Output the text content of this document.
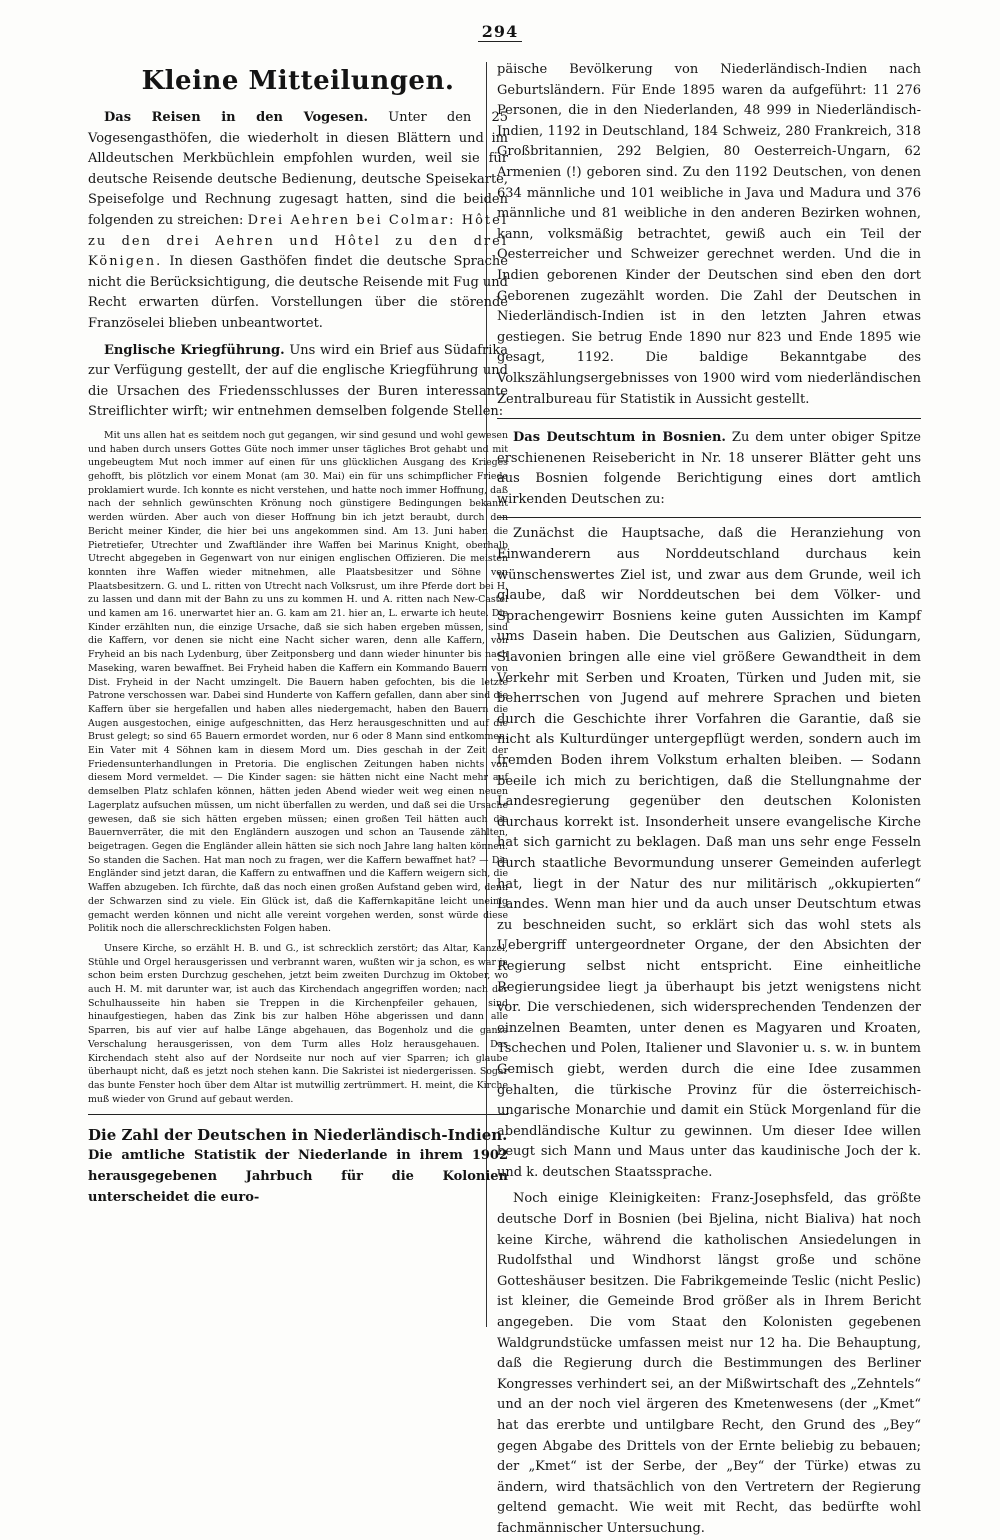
294
Kleine Mitteilungen.

Das Reisen in den Vogesen. Unter den 25 Vogesengasthöfen, die wiederholt in diesen Blättern und im Alldeutschen Merkbüchlein empfohlen wurden, weil sie für deutsche Reisende deutsche Bedienung, deutsche Speisekarte, Speisefolge und Rechnung zugesagt hatten, sind die beiden folgenden zu streichen: Drei Aehren bei Colmar: Hôtel zu den drei Aehren und Hôtel zu den drei Königen. In diesen Gasthöfen findet die deutsche Sprache nicht die Berücksichtigung, die deutsche Reisende mit Fug und Recht erwarten dürfen. Vorstellungen über die störende Französelei blieben unbeantwortet.

Englische Kriegführung. Uns wird ein Brief aus Südafrika zur Verfügung gestellt, der auf die englische Kriegführung und die Ursachen des Friedensschlusses der Buren interessante Streiflichter wirft; wir entnehmen demselben folgende Stellen:

Mit uns allen hat es seitdem noch gut gegangen, wir sind gesund und wohl gewesen und haben durch unsers Gottes Güte noch immer unser tägliches Brot gehabt und mit ungebeugtem Mut noch immer auf einen für uns glücklichen Ausgang des Krieges gehofft, bis plötzlich vor einem Monat (am 30. Mai) ein für uns schimpflicher Friede proklamiert wurde. Ich konnte es nicht verstehen, und hatte noch immer Hoffnung, daß nach der sehnlich gewünschten Krönung noch günstigere Bedingungen bekannt werden würden. Aber auch von dieser Hoffnung bin ich jetzt beraubt, durch den Bericht meiner Kinder, die hier bei uns angekommen sind. Am 13. Juni haben die Pietretiefer, Utrechter und Zwaftländer ihre Waffen bei Marinus Knight, oberhalb Utrecht abgegeben in Gegenwart von nur einigen englischen Offizieren. Die meisten konnten ihre Waffen wieder mitnehmen, alle Plaatsbesitzer und Söhne von Plaatsbesitzern. G. und L. ritten von Utrecht nach Volksrust, um ihre Pferde dort bei H. zu lassen und dann mit der Bahn zu uns zu kommen H. und A. ritten nach New-Castel und kamen am 16. unerwartet hier an. G. kam am 21. hier an, L. erwarte ich heute. Die Kinder erzählten nun, die einzige Ursache, daß sie sich haben ergeben müssen, sind die Kaffern, vor denen sie nicht eine Nacht sicher waren, denn alle Kaffern, von Fryheid an bis nach Lydenburg, über Zeitponsberg und dann wieder hinunter bis nach Maseking, waren bewaffnet. Bei Fryheid haben die Kaffern ein Kommando Bauern von Dist. Fryheid in der Nacht umzingelt. Die Bauern haben gefochten, bis die letzte Patrone verschossen war. Dabei sind Hunderte von Kaffern gefallen, dann aber sind die Kaffern über sie hergefallen und haben alles niedergemacht, haben den Bauern die Augen ausgestochen, einige aufgeschnitten, das Herz herausgeschnitten und auf die Brust gelegt; so sind 65 Bauern ermordet worden, nur 6 oder 8 Mann sind entkommen. Ein Vater mit 4 Söhnen kam in diesem Mord um. Dies geschah in der Zeit der Friedensunterhandlungen in Pretoria. Die englischen Zeitungen haben nichts von diesem Mord vermeldet. — Die Kinder sagen: sie hätten nicht eine Nacht mehr auf demselben Platz schlafen können, hätten jeden Abend wieder weit weg einen neuen Lagerplatz aufsuchen müssen, um nicht überfallen zu werden, und daß sei die Ursache gewesen, daß sie sich hätten ergeben müssen; einen großen Teil hätten auch die Bauernverräter, die mit den Engländern auszogen und schon an Tausende zählten, beigetragen. Gegen die Engländer allein hätten sie sich noch Jahre lang halten können. So standen die Sachen. Hat man noch zu fragen, wer die Kaffern bewaffnet hat? — Die Engländer sind jetzt daran, die Kaffern zu entwaffnen und die Kaffern weigern sich, die Waffen abzugeben. Ich fürchte, daß das noch einen großen Aufstand geben wird, denn der Schwarzen sind zu viele. Ein Glück ist, daß die Kaffernkapitäne leicht uneinig gemacht werden können und nicht alle vereint vorgehen werden, sonst würde diese Politik noch die allerschrecklichsten Folgen haben.

Unsere Kirche, so erzählt H. B. und G., ist schrecklich zerstört; das Altar, Kanzel, Stühle und Orgel herausgerissen und verbrannt waren, wußten wir ja schon, es war ja schon beim ersten Durchzug geschehen, jetzt beim zweiten Durchzug im Oktober, wo auch H. M. mit darunter war, ist auch das Kirchendach angegriffen worden; nach der Schulhausseite hin haben sie Treppen in die Kirchenpfeiler gehauen, sind hinaufgestiegen, haben das Zink bis zur halben Höhe abgerissen und dann alle Sparren, bis auf vier auf halbe Länge abgehauen, das Bogenholz und die ganze Verschalung herausgerissen, von dem Turm alles Holz herausgehauen. Das Kirchendach steht also auf der Nordseite nur noch auf vier Sparren; ich glaube überhaupt nicht, daß es jetzt noch stehen kann. Die Sakristei ist niedergerissen. Sogar das bunte Fenster hoch über dem Altar ist mutwillig zertrümmert. H. meint, die Kirche muß wieder von Grund auf gebaut werden.

Die Zahl der Deutschen in Niederländisch-Indien.

Die amtliche Statistik der Niederlande in ihrem 1902 herausgegebenen Jahrbuch für die Kolonien unterscheidet die euro-

päische Bevölkerung von Niederländisch-Indien nach Geburtsländern. Für Ende 1895 waren da aufgeführt: 11 276 Personen, die in den Niederlanden, 48 999 in Niederländisch-Indien, 1192 in Deutschland, 184 Schweiz, 280 Frankreich, 318 Großbritannien, 292 Belgien, 80 Oesterreich-Ungarn, 62 Armenien (!) geboren sind. Zu den 1192 Deutschen, von denen 634 männliche und 101 weibliche in Java und Madura und 376 männliche und 81 weibliche in den anderen Bezirken wohnen, kann, volksmäßig betrachtet, gewiß auch ein Teil der Oesterreicher und Schweizer gerechnet werden. Und die in Indien geborenen Kinder der Deutschen sind eben den dort Geborenen zugezählt worden. Die Zahl der Deutschen in Niederländisch-Indien ist in den letzten Jahren etwas gestiegen. Sie betrug Ende 1890 nur 823 und Ende 1895 wie gesagt, 1192. Die baldige Bekanntgabe des Volkszählungsergebnisses von 1900 wird vom niederländischen Zentralbureau für Statistik in Aussicht gestellt.

Das Deutschtum in Bosnien. Zu dem unter obiger Spitze erschienenen Reisebericht in Nr. 18 unserer Blätter geht uns aus Bosnien folgende Berichtigung eines dort amtlich wirkenden Deutschen zu:

Zunächst die Hauptsache, daß die Heranziehung von Einwanderern aus Norddeutschland durchaus kein wünschenswertes Ziel ist, und zwar aus dem Grunde, weil ich glaube, daß wir Norddeutschen bei dem Völker- und Sprachengewirr Bosniens keine guten Aussichten im Kampf ums Dasein haben. Die Deutschen aus Galizien, Südungarn, Slavonien bringen alle eine viel größere Gewandtheit in dem Verkehr mit Serben und Kroaten, Türken und Juden mit, sie beherrschen von Jugend auf mehrere Sprachen und bieten durch die Geschichte ihrer Vorfahren die Garantie, daß sie nicht als Kulturdünger untergepflügt werden, sondern auch im fremden Boden ihrem Volkstum erhalten bleiben. — Sodann beeile ich mich zu berichtigen, daß die Stellungnahme der Landesregierung gegenüber den deutschen Kolonisten durchaus korrekt ist. Insonderheit unsere evangelische Kirche hat sich garnicht zu beklagen. Daß man uns sehr enge Fesseln durch staatliche Bevormundung unserer Gemeinden auferlegt hat, liegt in der Natur des nur militärisch „okkupierten“ Landes. Wenn man hier und da auch unser Deutschtum etwas zu beschneiden sucht, so erklärt sich das wohl stets als Uebergriff untergeordneter Organe, der den Absichten der Regierung selbst nicht entspricht. Eine einheitliche Regierungsidee liegt ja überhaupt bis jetzt wenigstens nicht vor. Die verschiedenen, sich widersprechenden Tendenzen der einzelnen Beamten, unter denen es Magyaren und Kroaten, Tschechen und Polen, Italiener und Slavonier u. s. w. in buntem Gemisch giebt, werden durch die eine Idee zusammen gehalten, die türkische Provinz für die österreichisch-ungarische Monarchie und damit ein Stück Morgenland für die abendländische Kultur zu gewinnen. Um dieser Idee willen beugt sich Mann und Maus unter das kaudinische Joch der k. und k. deutschen Staatssprache.

Noch einige Kleinigkeiten: Franz-Josephsfeld, das größte deutsche Dorf in Bosnien (bei Bjelina, nicht Bialiva) hat noch keine Kirche, während die katholischen Ansiedelungen in Rudolfsthal und Windhorst längst große und schöne Gotteshäuser besitzen. Die Fabrikgemeinde Teslic (nicht Peslic) ist kleiner, die Gemeinde Brod größer als in Ihrem Bericht angegeben. Die vom Staat den Kolonisten gegebenen Waldgrundstücke umfassen meist nur 12 ha. Die Behauptung, daß die Regierung durch die Bestimmungen des Berliner Kongresses verhindert sei, an der Mißwirtschaft des „Zehntels“ und an der noch viel ärgeren des Kmetenwesens (der „Kmet“ hat das ererbte und untilgbare Recht, den Grund des „Bey“ gegen Abgabe des Drittels von der Ernte beliebig zu bebauen; der „Kmet“ ist der Serbe, der „Bey“ der Türke) etwas zu ändern, wird thatsächlich von den Vertretern der Regierung geltend gemacht. Wie weit mit Recht, das bedürfte wohl fachmännischer Untersuchung.
